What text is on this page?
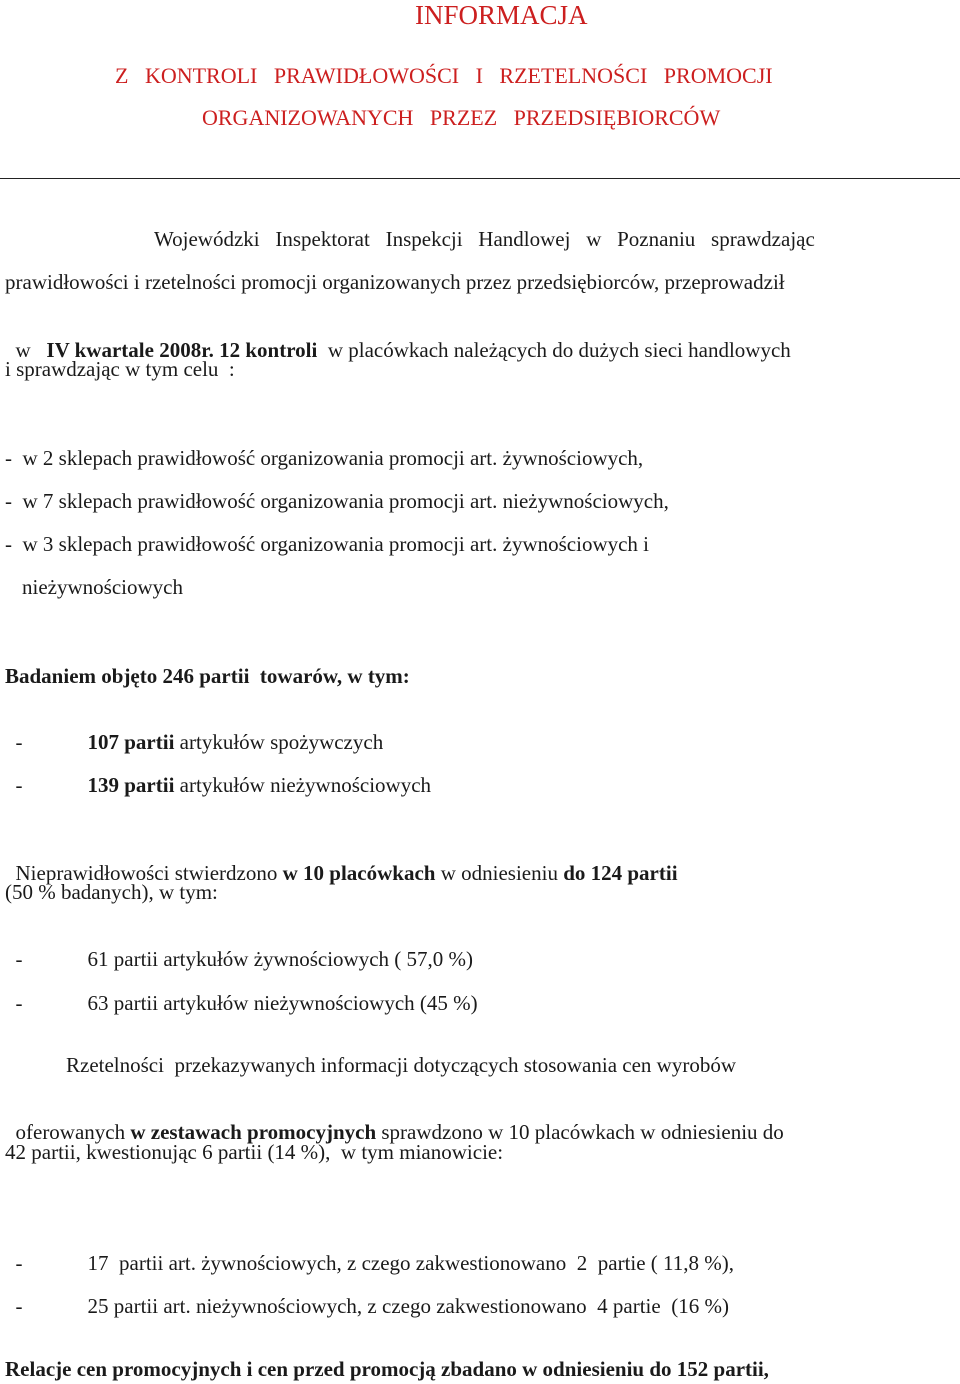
INFORMACJA
Z   KONTROLI   PRAWIDŁOWOŚCI   I   RZETELNOŚCI   PROMOCJI
ORGANIZOWANYCH   PRZEZ   PRZEDSIĘBIORCÓW
Wojewódzki   Inspektorat   Inspekcji   Handlowej   w   Poznaniu   sprawdzając
prawidłowości i rzetelności promocji organizowanych przez przedsiębiorców, przeprowadził

w   IV kwartale 2008r. 12 kontroli  w placówkach należących do dużych sieci handlowych

i sprawdzając w tym celu  :
-  w 2 sklepach prawidłowość organizowania promocji art. żywnościowych,
-  w 7 sklepach prawidłowość organizowania promocji art. nieżywnościowych,
-  w 3 sklepach prawidłowość organizowania promocji art. żywnościowych i
nieżywnościowych
Badaniem objęto 246 partii  towarów, w tym:

-	107 partii artykułów spożywczych

-	139 partii artykułów nieżywnościowych

Nieprawidłowości stwierdzono w 10 placówkach w odniesieniu do 124 partii

(50 % badanych), w tym:

-	61 partii artykułów żywnościowych ( 57,0 %)

-	63 partii artykułów nieżywnościowych (45 %)

Rzetelności  przekazywanych informacji dotyczących stosowania cen wyrobów

oferowanych w zestawach promocyjnych sprawdzono w 10 placówkach w odniesieniu do

42 partii, kwestionując 6 partii (14 %),  w tym mianowicie:

-	17  partii art. żywnościowych, z czego zakwestionowano  2  partie ( 11,8 %),

-	25 partii art. nieżywnościowych, z czego zakwestionowano  4 partie  (16 %)

Relacje cen promocyjnych i cen przed promocją zbadano w odniesieniu do 152 partii,
